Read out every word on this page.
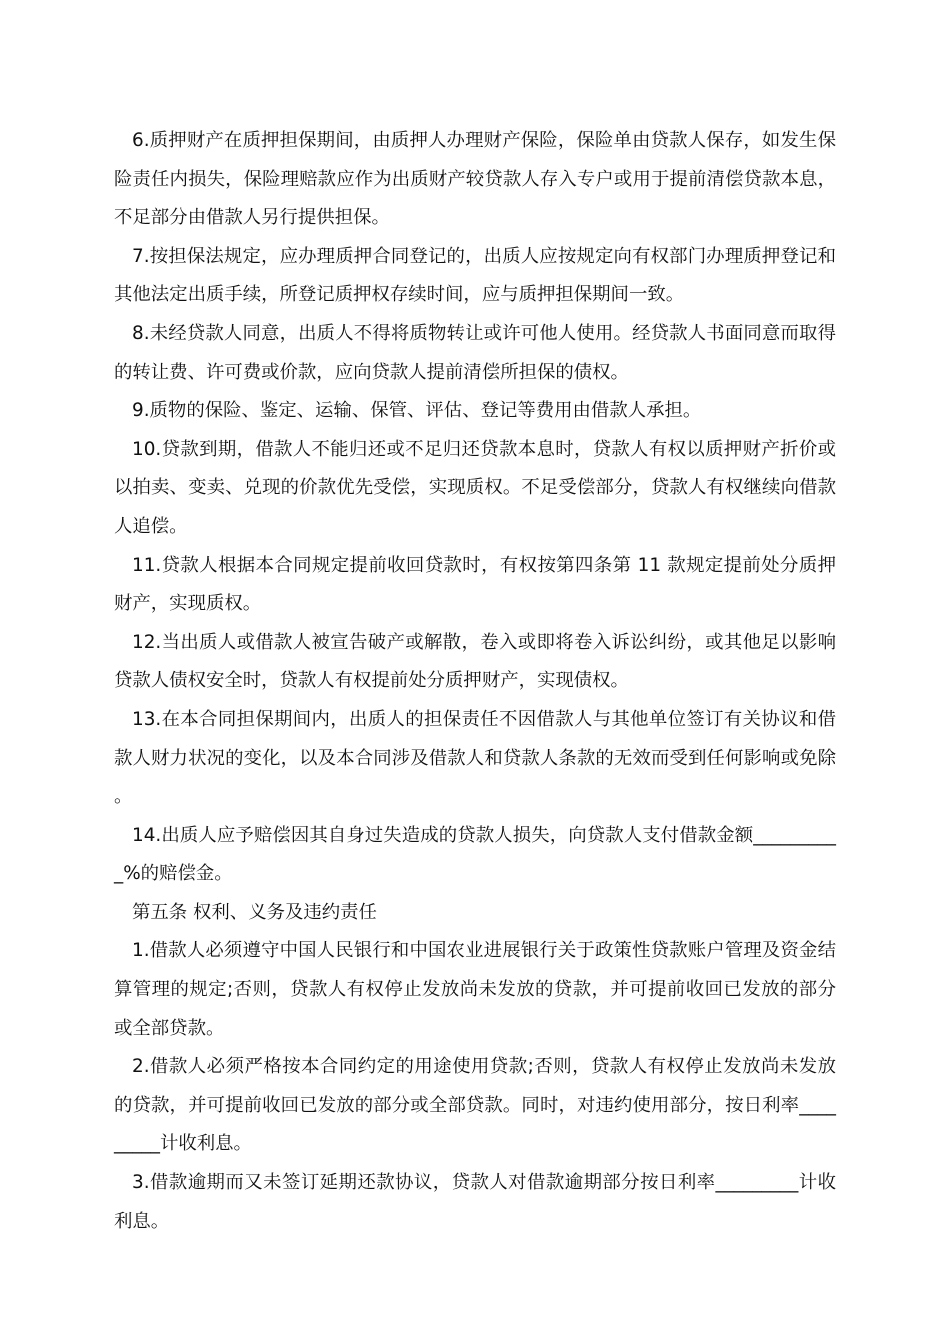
6.质押财产在质押担保期间，由质押人办理财产保险，保险单由贷款人保存，如发生保险责任内损失，保险理赔款应作为出质财产较贷款人存入专户或用于提前清偿贷款本息，不足部分由借款人另行提供担保。

7.按担保法规定，应办理质押合同登记的，出质人应按规定向有权部门办理质押登记和其他法定出质手续，所登记质押权存续时间，应与质押担保期间一致。

8.未经贷款人同意，出质人不得将质物转让或许可他人使用。经贷款人书面同意而取得的转让费、许可费或价款，应向贷款人提前清偿所担保的债权。

9.质物的保险、鉴定、运输、保管、评估、登记等费用由借款人承担。

10.贷款到期，借款人不能归还或不足归还贷款本息时，贷款人有权以质押财产折价或以拍卖、变卖、兑现的价款优先受偿，实现质权。不足受偿部分，贷款人有权继续向借款人追偿。

11.贷款人根据本合同规定提前收回贷款时，有权按第四条第 11 款规定提前处分质押财产，实现质权。

12.当出质人或借款人被宣告破产或解散，卷入或即将卷入诉讼纠纷，或其他足以影响贷款人债权安全时，贷款人有权提前处分质押财产，实现债权。

13.在本合同担保期间内，出质人的担保责任不因借款人与其他单位签订有关协议和借款人财力状况的变化，以及本合同涉及借款人和贷款人条款的无效而受到任何影响或免除。

14.出质人应予赔偿因其自身过失造成的贷款人损失，向贷款人支付借款金额__________%的赔偿金。

第五条 权利、义务及违约责任

1.借款人必须遵守中国人民银行和中国农业进展银行关于政策性贷款账户管理及资金结算管理的规定;否则，贷款人有权停止发放尚未发放的贷款，并可提前收回已发放的部分或全部贷款。

2.借款人必须严格按本合同约定的用途使用贷款;否则，贷款人有权停止发放尚未发放的贷款，并可提前收回已发放的部分或全部贷款。同时，对违约使用部分，按日利率_________计收利息。

3.借款逾期而又未签订延期还款协议，贷款人对借款逾期部分按日利率_________计收利息。
